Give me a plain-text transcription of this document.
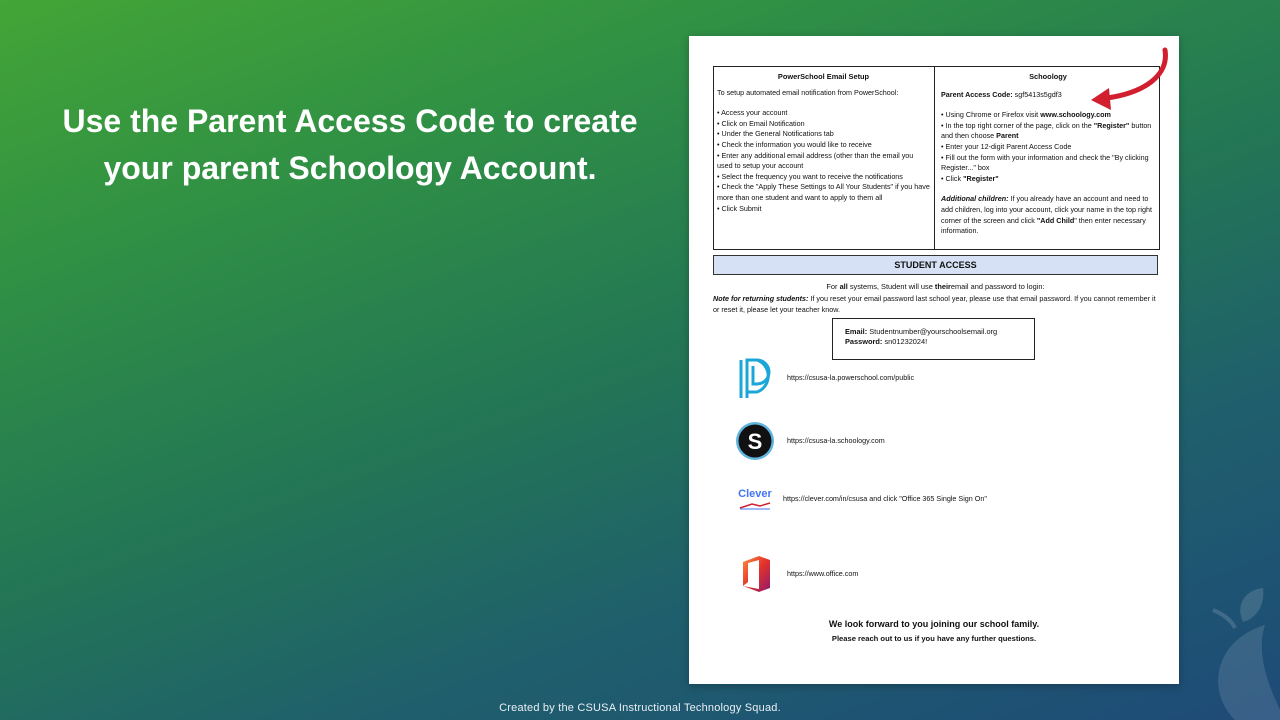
Use the Parent Access Code to create your parent Schoology Account.
PowerSchool Email Setup

To setup automated email notification from PowerSchool:

• Access your account

• Click on Email Notification

• Under the General Notifications tab

• Check the information you would like to receive

• Enter any additional email address (other than the email you used to setup your account

• Select the frequency you want to receive the notifications

• Check the "Apply These Settings to All Your Students" if you have more than one student and want to apply to them all

• Click Submit

Schoology

Parent Access Code: sgf5413s5gdf3

• Using Chrome or Firefox visit www.schoology.com

• In the top right corner of the page, click on the "Register" button and then choose Parent

• Enter your 12-digit Parent Access Code

• Fill out the form with your information and check the "By clicking Register..." box

• Click "Register"

Additional children: If you already have an account and need to add children, log into your account, click your name in the top right corner of the screen and click "Add Child" then enter necessary information.

STUDENT ACCESS
For all systems, Student will use theiremail and password to login:
Note for returning students: If you reset your email password last school year, please use that email password. If you cannot remember it or reset it, please let your teacher know.
Email: Studentnumber@yourschoolsemail.org
Password: sn01232024!
https://csusa-la.powerschool.com/public
S	https://csusa-la.schoology.com
Clever https://clever.com/in/csusa and click "Office 365 Single Sign On"
https://www.office.com
We look forward to you joining our school family.
Please reach out to us if you have any further questions.
Created by the CSUSA Instructional Technology Squad.
